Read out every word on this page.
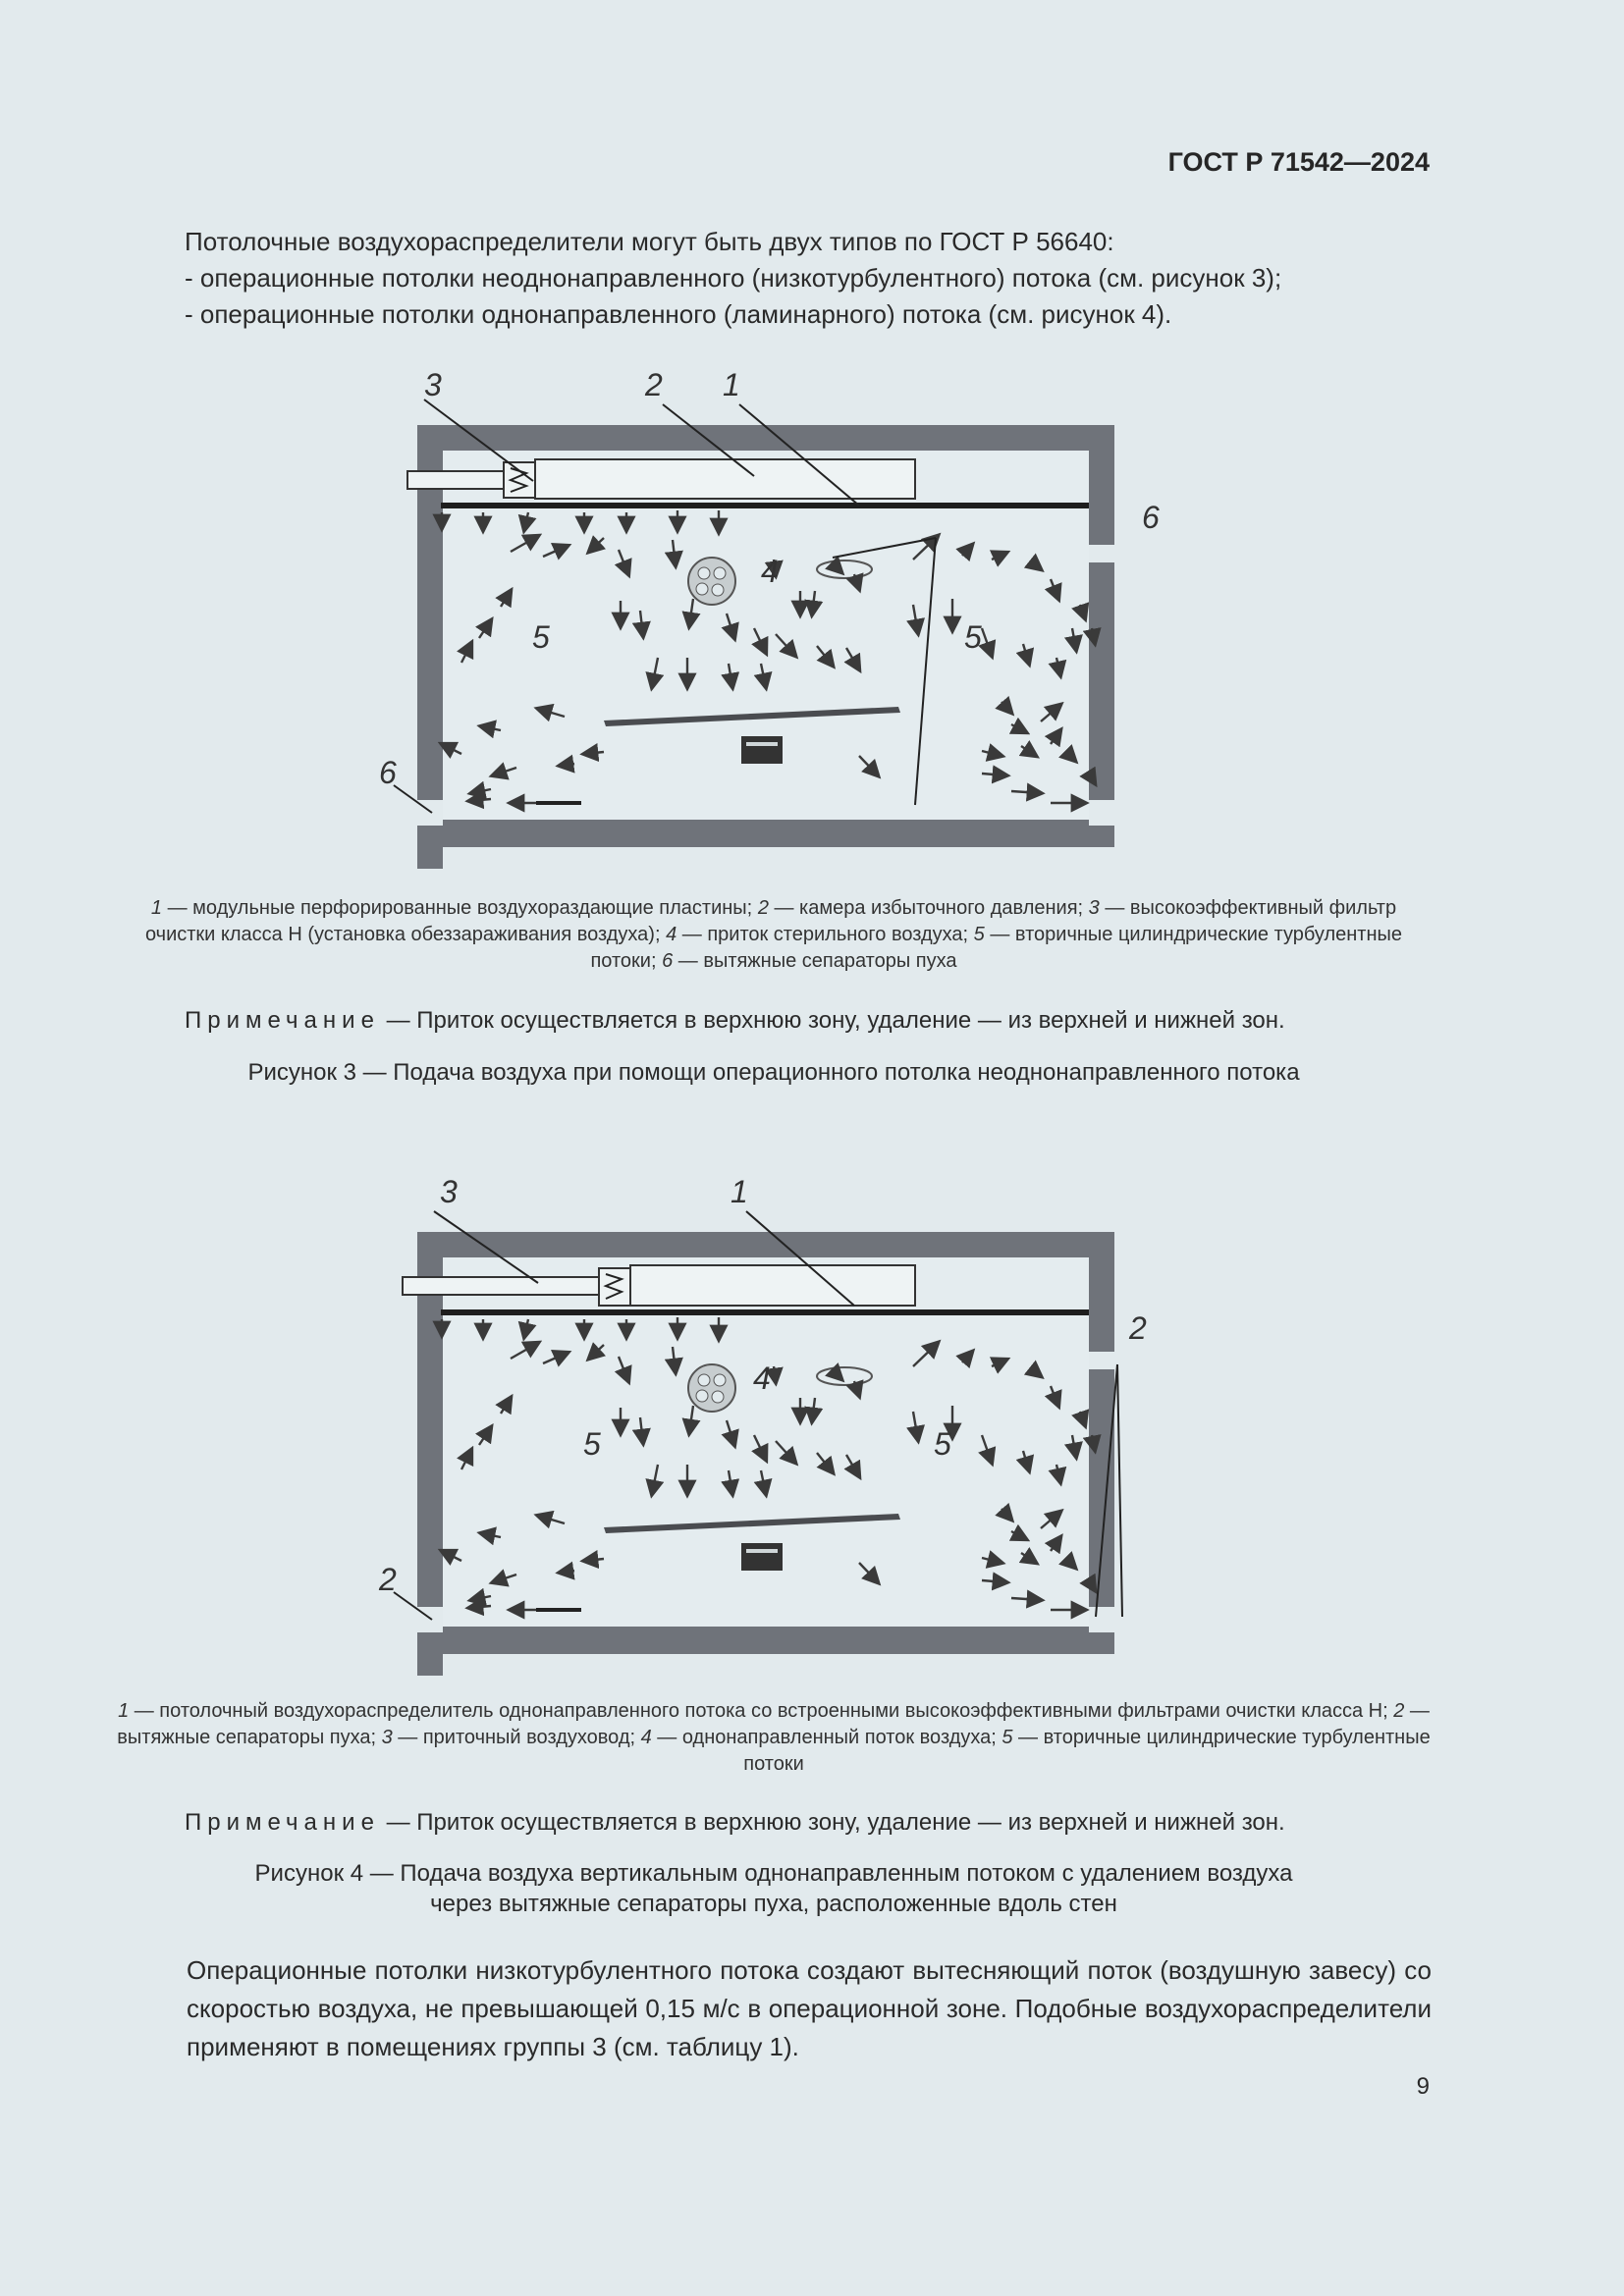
ГОСТ Р 71542—2024
Потолочные воздухораспределители могут быть двух типов по ГОСТ Р 56640:
- операционные потолки неоднонаправленного (низкотурбулентного) потока (см. рисунок 3);
- операционные потолки однонаправленного (ламинарного) потока (см. рисунок 4).
3	2 1
4
5	5
6
6
1 — модульные перфорированные воздухораздающие пластины; 2 — камера избыточного давления; 3 — высокоэффективный фильтр очистки класса Н (установка обеззараживания воздуха); 4 — приток стерильного воздуха; 5 — вторичные цилиндрические турбулентные потоки; 6 — вытяжные сепараторы пуха
Примечание — Приток осуществляется в верхнюю зону, удаление — из верхней и нижней зон.
Рисунок 3 — Подача воздуха при помощи операционного потолка неоднонаправленного потока
3	1
4
5	5
2
2
1 — потолочный воздухораспределитель однонаправленного потока со встроенными высокоэффективными фильтрами очистки класса Н; 2 — вытяжные сепараторы пуха; 3 — приточный воздуховод; 4 — однонаправленный поток воздуха; 5 — вторичные цилиндрические турбулентные потоки
Примечание — Приток осуществляется в верхнюю зону, удаление — из верхней и нижней зон.
Рисунок 4 — Подача воздуха вертикальным однонаправленным потоком с удалением воздуха
через вытяжные сепараторы пуха, расположенные вдоль стен
Операционные потолки низкотурбулентного потока создают вытесняющий поток (воздушную завесу) со скоростью воздуха, не превышающей 0,15 м/с в операционной зоне. Подобные воздухораспределители применяют в помещениях группы 3 (см. таблицу 1).
9
